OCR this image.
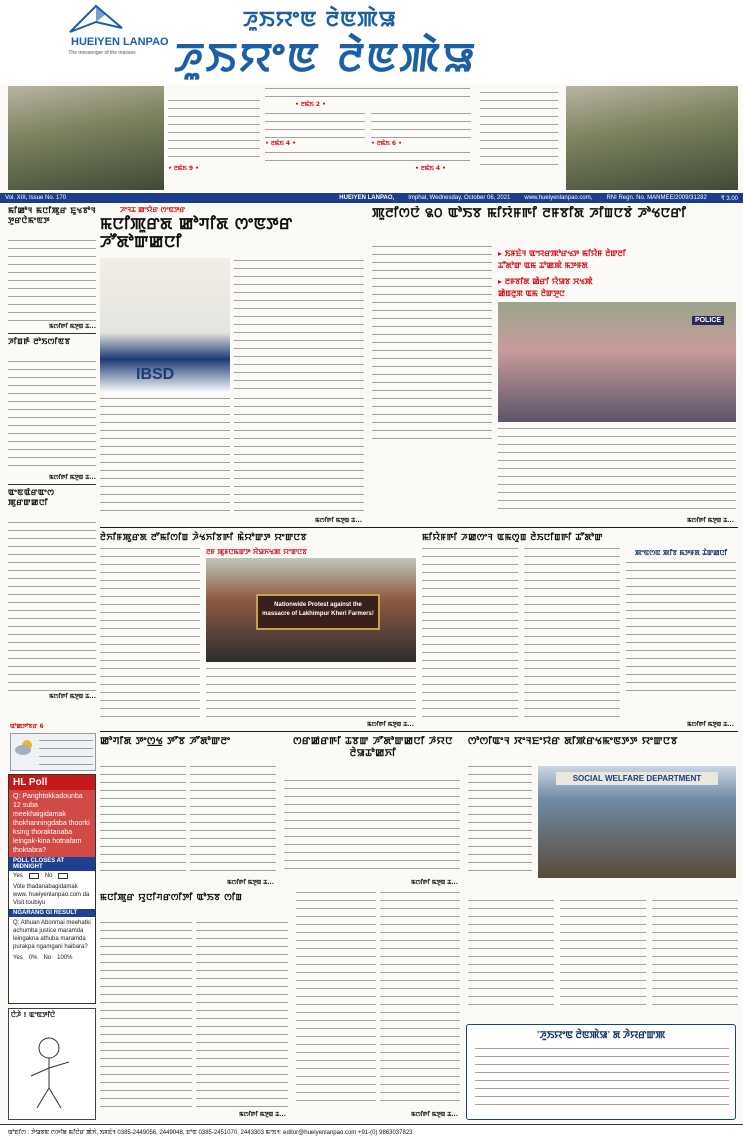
HUEIYEN LANPAO
The messenger of the masses
ꯍꯨꯏꯌꯦꯟ ꯂꯥꯟꯄꯥꯎ
ꯍꯨꯏꯌꯦꯟ ꯂꯥꯟꯄꯥꯎ
• ꯂꯃꯥꯏ 9 •
• ꯂꯃꯥꯏ 2 •
• ꯂꯃꯥꯏ 4 •	• ꯂꯃꯥꯏ 6 •
• ꯂꯃꯥꯏ 4 •
Vol. XIII, Issue No. 170	HUEIYEN LANPAO, Imphal, Wednesday, October 06, 2021 www.hueiyenlanpao.com, RNI Regn. No. MANMEE/2009/31282 ₹ 3.00
ꯃꯤꯀꯣꯜ ꯃꯅꯤꯄꯨꯔ ꯐꯨꯠꯕꯣꯜ ꯇꯨꯔꯅꯥꯃꯦꯟꯇ
ꯃꯁꯤꯒꯤ ꯃꯇꯨꯡ ꯊ...
ꯍꯤꯡꯒꯥ ꯂꯣꯏꯁꯤꯟꯕ
ꯃꯁꯤꯒꯤ ꯃꯇꯨꯡ ꯊ...
ꯑꯦꯟꯑꯥꯔꯑꯦꯁ ꯄꯨꯔꯛꯀꯅꯤ
ꯃꯁꯤꯒꯤ ꯃꯇꯨꯡ ꯊ...
ꯑꯣꯀꯇꯣꯕꯔ 6
HL Poll
Q: Panghtokkadounba 12 suba meekhaigidamak thokhanningdaba thoorki ksing thoraktanaba leingak-kina hotnafam thoktabra?
POLL CLOSES AT MIDNIGHT
Yes	No
Vote thadanabagidamak www. hueiyenlanpao.com da Visit toubiyu
NGARANG GI RESULT
Q: Athuan Abonmai meehatki achumba justice maramda leingakna athuba maramda purakpa ngamgani haibara?
Yes 0% No 100%
ꯅꯥꯍꯥ ! ꯑꯦꯟꯇꯤꯅꯥ
ꯍꯦꯜꯊ ꯀꯦꯌꯥꯔ ꯁꯦꯟꯇꯔ
ꯃꯅꯤꯄꯨꯔꯗ ꯀꯣꯚꯤꯗ ꯁꯦꯟꯇꯔ ꯍꯧꯗꯣꯛꯀꯅꯤ
IBSD
ꯃꯁꯤꯒꯤ ꯃꯇꯨꯡ ꯊ...
ꯄꯨꯂꯤꯁꯅꯥ ꯲꯰ ꯑꯣꯏꯕ ꯃꯤꯌꯥꯝꯒꯤ ꯂꯝꯕꯤꯗ ꯍꯤꯡꯅꯕꯥ ꯍꯣꯠꯅꯔꯤ
▸ ꯏꯝꯐꯥꯜ ꯑꯦꯌꯔꯄꯣꯔꯠꯇ ꯃꯤꯌꯥꯝ ꯂꯥꯛꯂꯤ
ꯊꯧꯗꯣꯛ ꯑꯃ ꯊꯣꯀꯄꯥ ꯃꯇꯝꯗ
▸ ꯂꯝꯕꯤꯗ ꯀꯥꯔꯤ ꯌꯥꯎꯕ ꯆꯠꯄꯥ
ꯀꯥꯡꯂꯨꯞ ꯑꯃ ꯂꯥꯛꯇꯨꯅ
POLICE
ꯃꯁꯤꯒꯤ ꯃꯇꯨꯡ ꯊ...
ꯂꯥꯈꯤꯝꯄꯨꯔꯗ ꯂꯧꯃꯤꯁꯤꯡ ꯍꯥꯠꯈꯤꯕꯒꯤ ꯃꯥꯌꯣꯛꯇ ꯌꯦꯛꯅꯕ
ꯂꯝ ꯄꯨꯝꯅꯃꯛꯇ ꯆꯥꯎꯈꯠꯄ ꯌꯦꯛꯅꯕ
Nationwide Protest against the
massacre of Lakhimpur Kheri Farmers!
ꯃꯁꯤꯒꯤ ꯃꯇꯨꯡ ꯊ...
ꯃꯤꯌꯥꯝꯒꯤ ꯍꯀꯁꯦꯜ ꯑꯃꯁꯨꯡ ꯂꯥꯏꯅꯤꯡꯒꯤ ꯊꯧꯗꯣꯛ
ꯄꯦꯟꯁꯟ ꯄꯤꯕ ꯃꯇꯝꯗ ꯊꯥꯛꯀꯅꯤ
ꯃꯁꯤꯒꯤ ꯃꯇꯨꯡ ꯊ...
ꯀꯣꯚꯤꯗ ꯇꯦꯁ꯭ꯠ ꯇꯧꯕ ꯍꯧꯗꯣꯛꯂꯦ
ꯃꯁꯤꯒꯤ ꯃꯇꯨꯡ ꯊ...
ꯁꯔꯀꯥꯔꯒꯤ ꯊꯕꯛ ꯍꯧꯗꯣꯛꯀꯅꯤ ꯍꯥꯌꯅ ꯂꯥꯎꯊꯣꯀꯈꯤ
ꯃꯁꯤꯒꯤ ꯃꯇꯨꯡ ꯊ...
ꯁꯣꯁꯤꯑꯦꯜ ꯋꯦꯜꯐꯦꯌꯥꯔ ꯗꯤꯄꯥꯔꯠꯃꯦꯟꯇꯇ ꯌꯦꯛꯅꯕ
SOCIAL WELFARE DEPARTMENT
ꯃꯅꯤꯄꯨꯔ ꯌꯨꯅꯤꯚꯔꯁꯤꯇꯤ ꯑꯣꯏꯕ ꯁꯤꯡ
ꯃꯁꯤꯒꯤ ꯃꯇꯨꯡ ꯊ...	ꯃꯁꯤꯒꯤ ꯃꯇꯨꯡ ꯊ...
'ꯍꯨꯏꯌꯦꯟ ꯂꯥꯟꯄꯥꯎ' ꯗ ꯍꯥꯌꯔꯛꯄ
ꯑꯣꯐꯤꯁ : ꯇꯥꯎꯕꯟ ꯁꯍꯤꯗ ꯃꯤꯅꯥꯔ ꯄꯥꯈꯥ, ꯏꯝꯐꯥꯜ 0385-2449056, 2449048, ꯐꯣꯟ 0385-2451070, 2443303 ꯃꯦꯏꯜ: editor@hueiyenlanpao.com +91-(0) 9863037823
